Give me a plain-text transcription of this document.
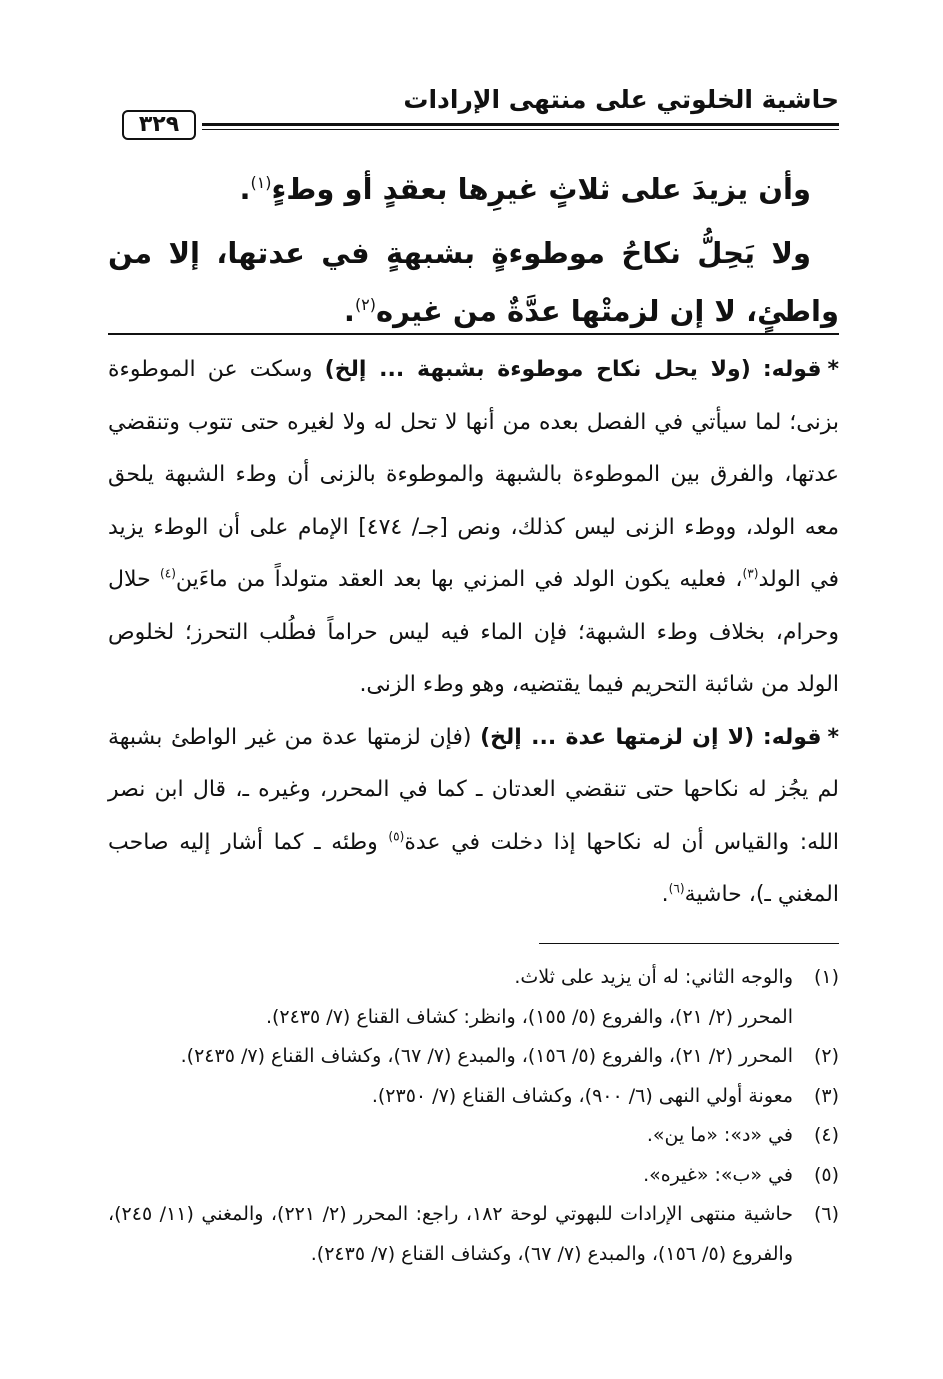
حاشية الخلوتي على منتهى الإرادات
٣٢٩

وأن يزيدَ على ثلاثٍ غيرِها بعقدٍ أو وطءٍ$^{(١)}$.

ولا يَحِلُّ نكاحُ موطوءةٍ بشبهةٍ في عدتها، إلا من واطئٍ، لا إن لزمتْها عدَّةٌ من غيره$^{(٢)}$.

*قوله: (ولا يحل نكاح موطوءة بشبهة ... إلخ) وسكت عن الموطوءة بزنى؛ لما سيأتي في الفصل بعده من أنها لا تحل له ولا لغيره حتى تتوب وتنقضي عدتها، والفرق بين الموطوءة بالشبهة والموطوءة بالزنى أن وطء الشبهة يلحق معه الولد، ووطء الزنى ليس كذلك، ونص [جـ/ ٤٧٤] الإمام على أن الوطء يزيد في الولد$^{(٣)}$، فعليه يكون الولد في المزني بها بعد العقد متولداً من ماءَين$^{(٤)}$ حلال وحرام، بخلاف وطء الشبهة؛ فإن الماء فيه ليس حراماً فطُلب التحرز؛ لخلوص الولد من شائبة التحريم فيما يقتضيه، وهو وطء الزنى.

*قوله: (لا إن لزمتها عدة ... إلخ) (فإن لزمتها عدة من غير الواطئ بشبهة لم يجُز له نكاحها حتى تنقضي العدتان ـ كما في المحرر، وغيره ـ، قال ابن نصر الله: والقياس أن له نكاحها إذا دخلت في عدة$^{(٥)}$ وطئه ـ كما أشار إليه صاحب المغني ـ)، حاشية$^{(٦)}$.

(١)
والوجه الثاني: له أن يزيد على ثلاث.
المحرر (٢/ ٢١)، والفروع (٥/ ١٥٥)، وانظر: كشاف القناع (٧/ ٢٤٣٥).
(٢)
المحرر (٢/ ٢١)، والفروع (٥/ ١٥٦)، والمبدع (٧/ ٦٧)، وكشاف القناع (٧/ ٢٤٣٥).
(٣)
معونة أولي النهى (٦/ ٩٠٠)، وكشاف القناع (٧/ ٢٣٥٠).
(٤)
في «د»: «ما ين».
(٥)
في «ب»: «غيره».
(٦)
حاشية منتهى الإرادات للبهوتي لوحة ١٨٢، راجع: المحرر (٢/ ٢٢١)، والمغني (١١/ ٢٤٥)، والفروع (٥/ ١٥٦)، والمبدع (٧/ ٦٧)، وكشاف القناع (٧/ ٢٤٣٥).
